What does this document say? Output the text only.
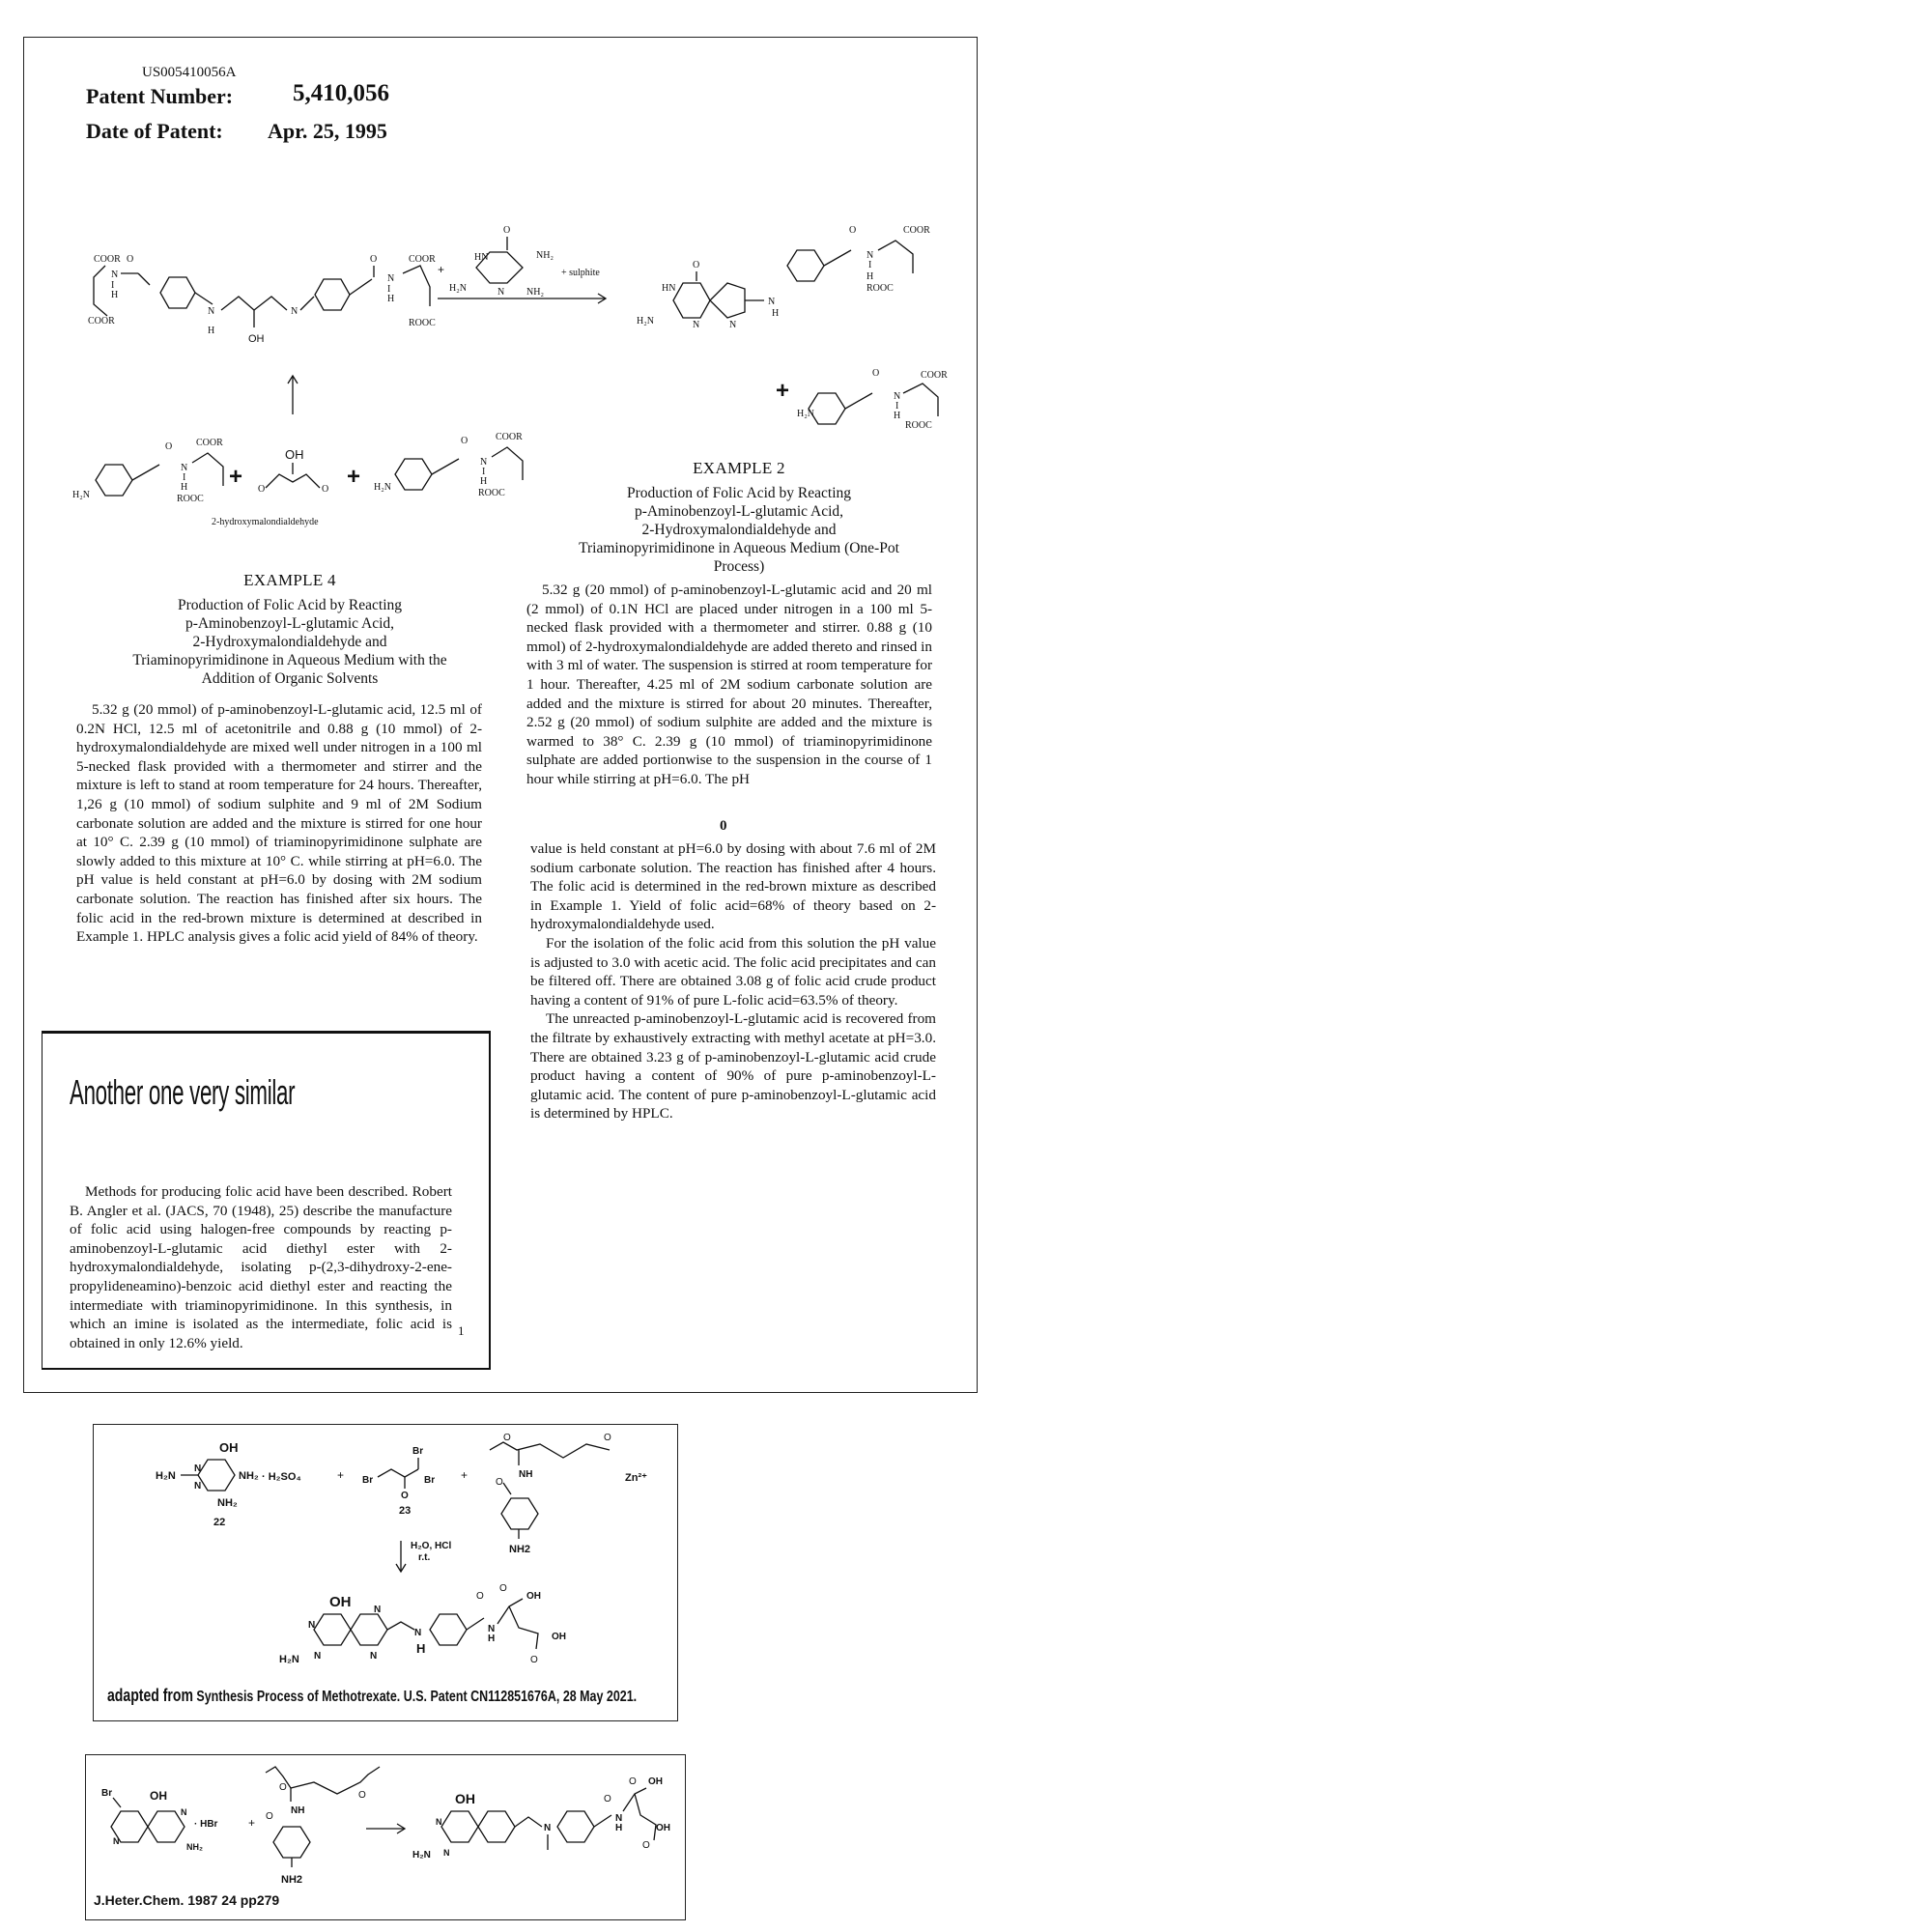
US005410056A
Patent Number: 5,410,056
Date of Patent: Apr. 25, 1995
COOR O
N
I
H
COOR
N
H
OH
N
O
N
I
H
COOR
ROOC
+
O
HN	NH₂
H₂N	N NH₂
+ sulphite
O
HN
H₂N	N	N
N
H
O
N
I
H
COOR
ROOC
+
H₂N
O
N
I
H
COOR
ROOC
H₂N
O
N
I
H
COOR
ROOC
+
OH
O	O + H₂N
O
N
I
H
COOR
ROOC
2-hydroxymalondialdehyde
EXAMPLE 4
Production of Folic Acid by Reacting
p-Aminobenzoyl-L-glutamic Acid,
2-Hydroxymalondialdehyde and
Triaminopyrimidinone in Aqueous Medium with the
Addition of Organic Solvents

5.32 g (20 mmol) of p-aminobenzoyl-L-glutamic acid, 12.5 ml of 0.2N HCl, 12.5 ml of acetonitrile and 0.88 g (10 mmol) of 2-hydroxymalondialdehyde are mixed well under nitrogen in a 100 ml 5-necked flask provided with a thermometer and stirrer and the mixture is left to stand at room temperature for 24 hours. Thereafter, 1,26 g (10 mmol) of sodium sulphite and 9 ml of 2M Sodium carbonate solution are added and the mixture is stirred for one hour at 10° C. 2.39 g (10 mmol) of triaminopyrimidinone sulphate are slowly added to this mixture at 10° C. while stirring at pH=6.0. The pH value is held constant at pH=6.0 by dosing with 2M sodium carbonate solution. The reaction has finished after six hours. The folic acid in the red-brown mixture is determined at described in Example 1. HPLC analysis gives a folic acid yield of 84% of theory.

EXAMPLE 2
Production of Folic Acid by Reacting
p-Aminobenzoyl-L-glutamic Acid,
2-Hydroxymalondialdehyde and
Triaminopyrimidinone in Aqueous Medium (One-Pot
Process)

5.32 g (20 mmol) of p-aminobenzoyl-L-glutamic acid and 20 ml (2 mmol) of 0.1N HCl are placed under nitrogen in a 100 ml 5-necked flask provided with a thermometer and stirrer. 0.88 g (10 mmol) of 2-hydroxymalondialdehyde are added thereto and rinsed in with 3 ml of water. The suspension is stirred at room temperature for 1 hour. Thereafter, 4.25 ml of 2M sodium carbonate solution are added and the mixture is stirred for about 20 minutes. Thereafter, 2.52 g (20 mmol) of sodium sulphite are added and the mixture is warmed to 38° C. 2.39 g (10 mmol) of triaminopyrimidinone sulphate are added portionwise to the suspension in the course of 1 hour while stirring at pH=6.0. The pH

0

value is held constant at pH=6.0 by dosing with about 7.6 ml of 2M sodium carbonate solution. The reaction has finished after 4 hours. The folic acid is determined in the red-brown mixture as described in Example 1. Yield of folic acid=68% of theory based on 2-hydroxymalondialdehyde used.

For the isolation of the folic acid from this solution the pH value is adjusted to 3.0 with acetic acid. The folic acid precipitates and can be filtered off. There are obtained 3.08 g of folic acid crude product having a content of 91% of pure L-folic acid=63.5% of theory.

The unreacted p-aminobenzoyl-L-glutamic acid is recovered from the filtrate by exhaustively extracting with methyl acetate at pH=3.0. There are obtained 3.23 g of p-aminobenzoyl-L-glutamic acid crude product having a content of 90% of pure p-aminobenzoyl-L-glutamic acid. The content of pure p-aminobenzoyl-L-glutamic acid is determined by HPLC.

Another one very similar

Methods for producing folic acid have been described. Robert B. Angler et al. (JACS, 70 (1948), 25) describe the manufacture of folic acid using halogen-free compounds by reacting p-aminobenzoyl-L-glutamic acid diethyl ester with 2-hydroxymalondialdehyde, isolating p-(2,3-dihydroxy-2-ene-propylideneamino)-benzoic acid diethyl ester and reacting the intermediate with triaminopyrimidinone. In this synthesis, in which an imine is isolated as the intermediate, folic acid is obtained in only 12.6% yield.

1
OH
H₂N
N
N
NH₂
NH₂
22
· H₂SO₄	+
Br
Br	Br
O
23
+
O	O
NH
O
NH2
Zn²⁺
H₂O, HCl
r.t.
OH
N
N
N
N
H₂N
N
H
O
N
H
O
OH
OH
O
adapted from Synthesis Process of Methotrexate. U.S. Patent CN112851676A, 28 May 2021.
Br	OH
N
N
NH₂
· HBr	+
O
O
NH
O
NH2
OH
N
N
H₂N
N
O
N
H
O OH
OH
O
J.Heter.Chem. 1987 24 pp279
